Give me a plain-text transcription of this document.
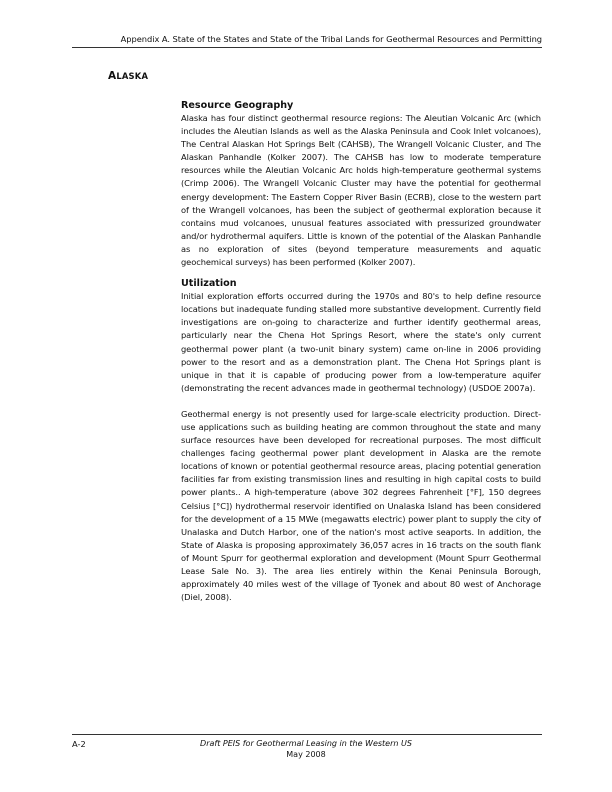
Appendix A. State of the States and State of the Tribal Lands for Geothermal Resources and Permitting
ALASKA

Resource Geography

Alaska has four distinct geothermal resource regions: The Aleutian Volcanic Arc (which includes the Aleutian Islands as well as the Alaska Peninsula and Cook Inlet volcanoes), The Central Alaskan Hot Springs Belt (CAHSB), The Wrangell Volcanic Cluster, and The Alaskan Panhandle (Kolker 2007). The CAHSB has low to moderate temperature resources while the Aleutian Volcanic Arc holds high-temperature geothermal systems (Crimp 2006). The Wrangell Volcanic Cluster may have the potential for geothermal energy development: The Eastern Copper River Basin (ECRB), close to the western part of the Wrangell volcanoes, has been the subject of geothermal exploration because it contains mud volcanoes, unusual features associated with pressurized groundwater and/or hydrothermal aquifers. Little is known of the potential of the Alaskan Panhandle as no exploration of sites (beyond temperature measurements and aquatic geochemical surveys) has been performed (Kolker 2007).

Utilization

Initial exploration efforts occurred during the 1970s and 80's to help define resource locations but inadequate funding stalled more substantive development. Currently field investigations are on-going to characterize and further identify geothermal areas, particularly near the Chena Hot Springs Resort, where the state's only current geothermal power plant (a two-unit binary system) came on-line in 2006 providing power to the resort and as a demonstration plant. The Chena Hot Springs plant is unique in that it is capable of producing power from a low-temperature aquifer (demonstrating the recent advances made in geothermal technology) (USDOE 2007a).

Geothermal energy is not presently used for large-scale electricity production. Direct-use applications such as building heating are common throughout the state and many surface resources have been developed for recreational purposes. The most difficult challenges facing geothermal power plant development in Alaska are the remote locations of known or potential geothermal resource areas, placing potential generation facilities far from existing transmission lines and resulting in high capital costs to build power plants.. A high-temperature (above 302 degrees Fahrenheit [°F], 150 degrees Celsius [°C]) hydrothermal reservoir identified on Unalaska Island has been considered for the development of a 15 MWe (megawatts electric) power plant to supply the city of Unalaska and Dutch Harbor, one of the nation's most active seaports. In addition, the State of Alaska is proposing approximately 36,057 acres in 16 tracts on the south flank of Mount Spurr for geothermal exploration and development (Mount Spurr Geothermal Lease Sale No. 3). The area lies entirely within the Kenai Peninsula Borough, approximately 40 miles west of the village of Tyonek and about 80 west of Anchorage (Diel, 2008).

A-2	Draft PEIS for Geothermal Leasing in the Western US
May 2008
